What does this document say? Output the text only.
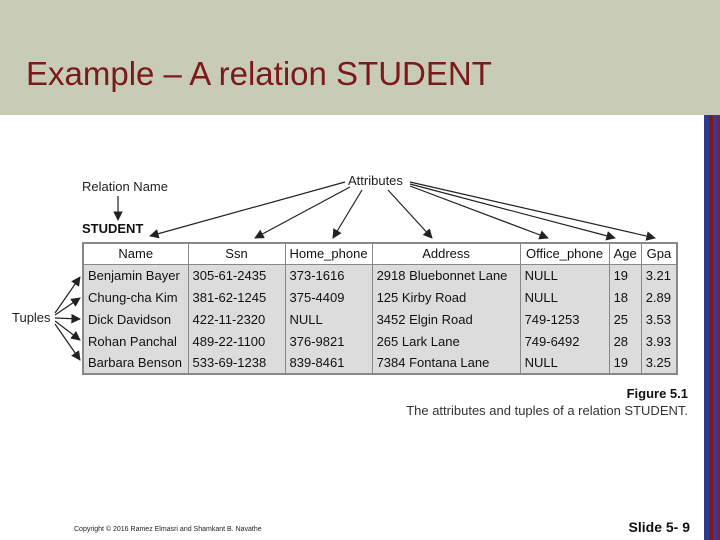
Example – A relation STUDENT
Relation Name
STUDENT
Attributes
Tuples
Name	Ssn	Home_phone	Address	Office_phone	Age	Gpa
Benjamin Bayer	305-61-2435	373-1616	2918 Bluebonnet Lane	NULL	19	3.21
Chung-cha Kim	381-62-1245	375-4409	125 Kirby Road	NULL	18	2.89
Dick Davidson	422-11-2320	NULL	3452 Elgin Road	749-1253	25	3.53
Rohan Panchal	489-22-1100	376-9821	265 Lark Lane	749-6492	28	3.93
Barbara Benson	533-69-1238	839-8461	7384 Fontana Lane	NULL	19	3.25
Figure 5.1
The attributes and tuples of a relation STUDENT.
Copyright © 2016 Ramez Elmasri and Shamkant B. Navathe	Slide 5- 9
